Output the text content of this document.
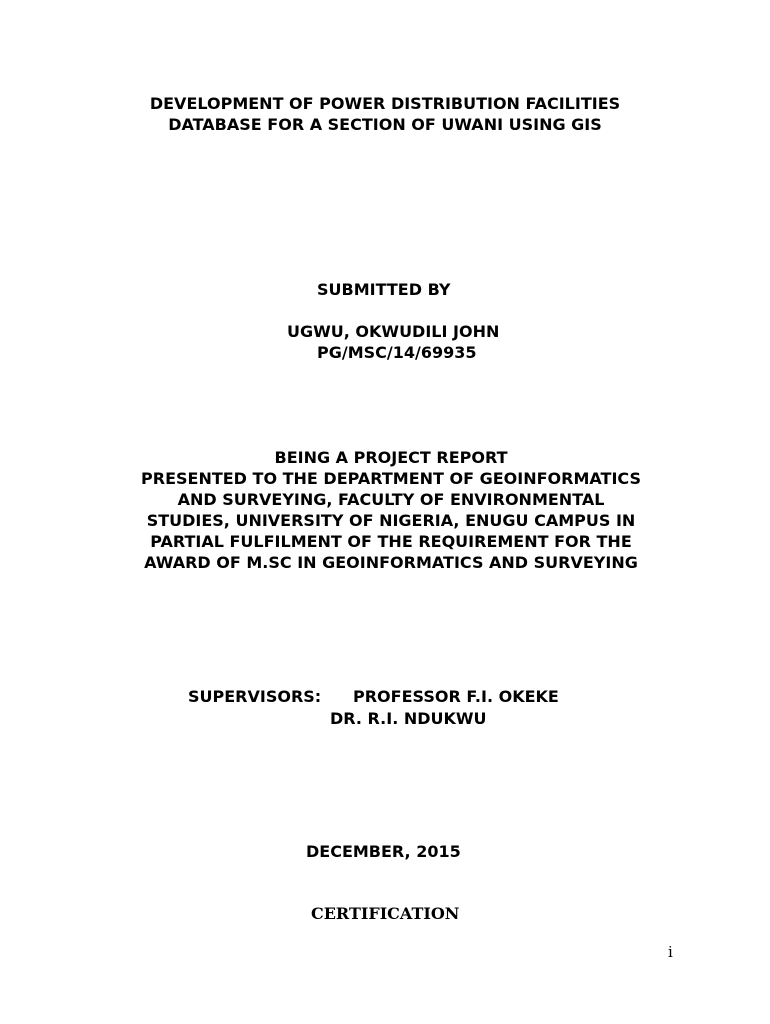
DEVELOPMENT OF POWER DISTRIBUTION FACILITIES
DATABASE FOR A SECTION OF UWANI USING GIS
SUBMITTED BY
UGWU, OKWUDILI JOHN
PG/MSC/14/69935
BEING A PROJECT REPORT
PRESENTED TO THE DEPARTMENT OF GEOINFORMATICS
AND SURVEYING, FACULTY OF ENVIRONMENTAL
STUDIES, UNIVERSITY OF NIGERIA, ENUGU CAMPUS IN
PARTIAL FULFILMENT OF THE REQUIREMENT FOR THE
AWARD OF M.SC IN GEOINFORMATICS AND SURVEYING
SUPERVISORS: PROFESSOR F.I. OKEKE
DR. R.I. NDUKWU
DECEMBER, 2015
CERTIFICATION
i
